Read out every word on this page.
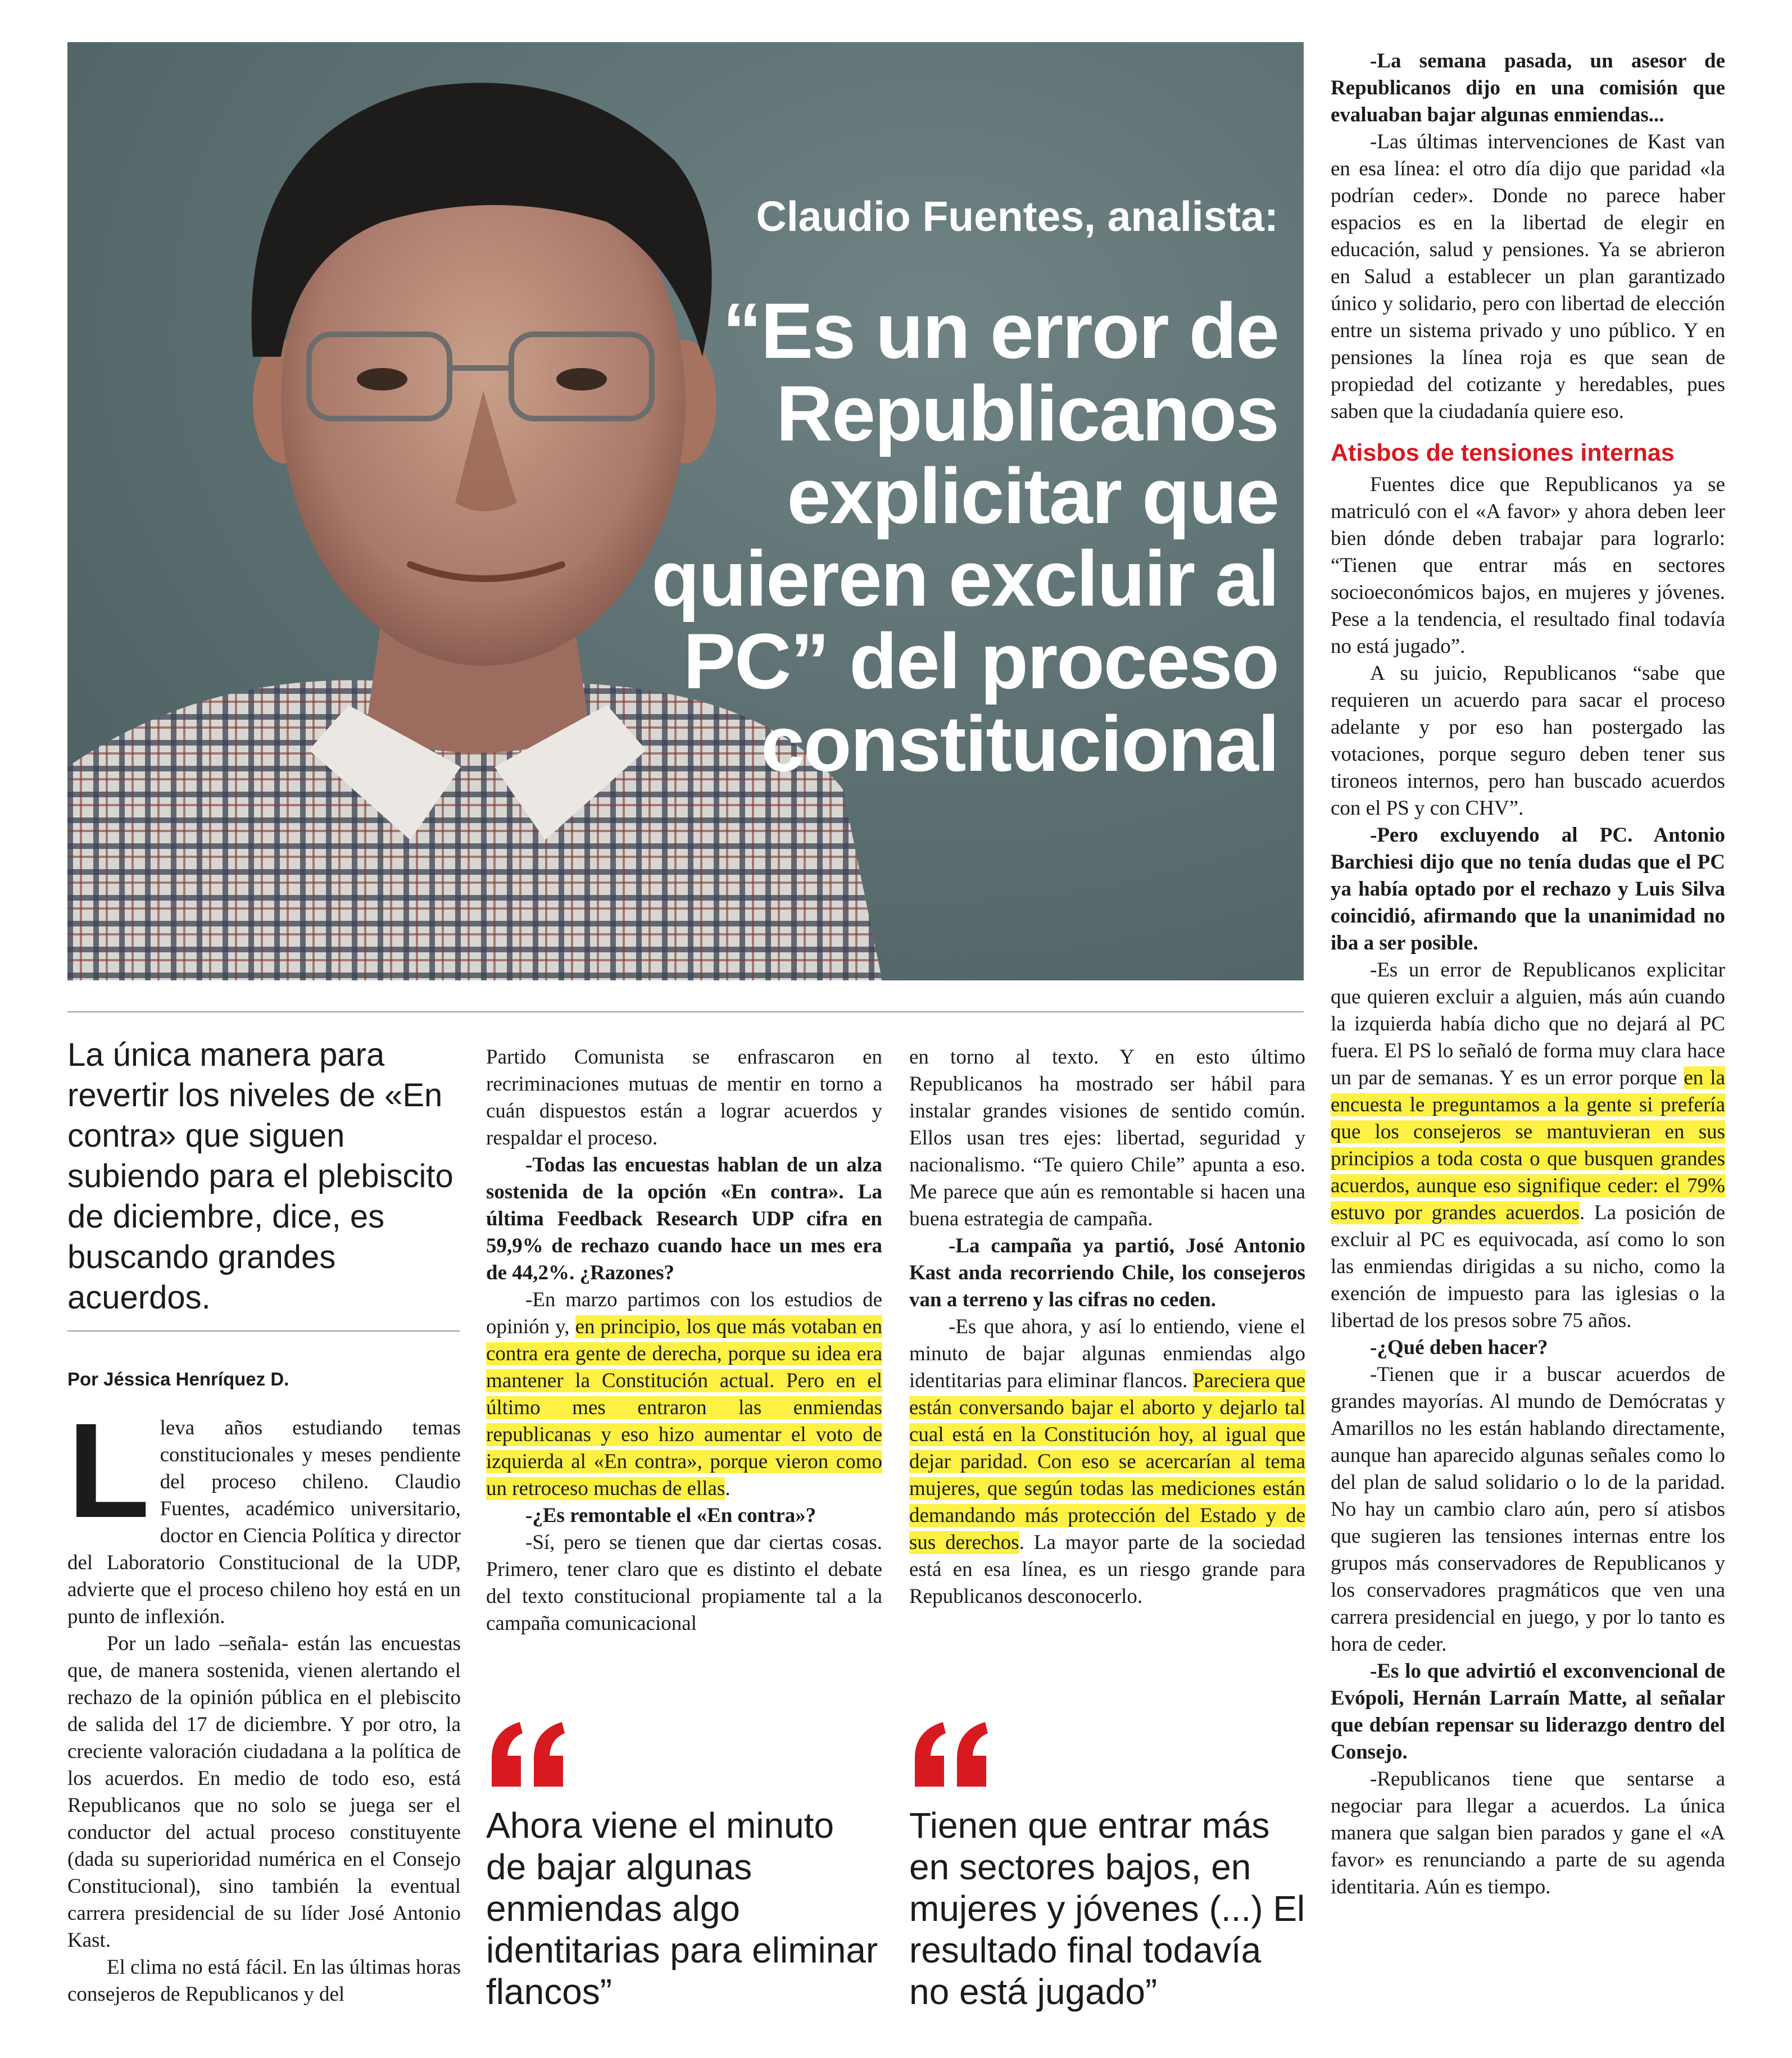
Claudio Fuentes, analista:
“Es un error de Republicanos explicitar que quieren excluir al PC” del proceso constitucional
La única manera para revertir los niveles de «En contra» que siguen subiendo para el plebiscito de diciembre, dice, es buscando grandes acuerdos.
Por Jéssica Henríquez D.

Lleva años estudiando temas constitucionales y meses pendiente del proceso chileno. Claudio Fuentes, académico universitario, doctor en Ciencia Política y director del Laboratorio Constitucional de la UDP, advierte que el proceso chileno hoy está en un punto de inflexión.

Por un lado –señala- están las encuestas que, de manera sostenida, vienen alertando el rechazo de la opinión pública en el plebiscito de salida del 17 de diciembre. Y por otro, la creciente valoración ciudadana a la política de los acuerdos. En medio de todo eso, está Republicanos que no solo se juega ser el conductor del actual proceso constituyente (dada su superioridad numérica en el Consejo Constitucional), sino también la eventual carrera presidencial de su líder José Antonio Kast.

El clima no está fácil. En las últimas horas consejeros de Republicanos y del

Partido Comunista se enfrascaron en recriminaciones mutuas de mentir en torno a cuán dispuestos están a lograr acuerdos y respaldar el proceso.

-Todas las encuestas hablan de un alza sostenida de la opción «En contra». La última Feedback Research UDP cifra en 59,9% de rechazo cuando hace un mes era de 44,2%. ¿Razones?

-En marzo partimos con los estudios de opinión y, en principio, los que más votaban en contra era gente de derecha, porque su idea era mantener la Constitución actual. Pero en el último mes entraron las enmiendas republicanas y eso hizo aumentar el voto de izquierda al «En contra», porque vieron como un retroceso muchas de ellas.

-¿Es remontable el «En contra»?

-Sí, pero se tienen que dar ciertas cosas. Primero, tener claro que es distinto el debate del texto constitucional propiamente tal a la campaña comunicacional

Ahora viene el minuto de bajar algunas enmiendas algo identitarias para eliminar flancos”

en torno al texto. Y en esto último Republicanos ha mostrado ser hábil para instalar grandes visiones de sentido común. Ellos usan tres ejes: libertad, seguridad y nacionalismo. “Te quiero Chile” apunta a eso. Me parece que aún es remontable si hacen una buena estrategia de campaña.

-La campaña ya partió, José Antonio Kast anda recorriendo Chile, los consejeros van a terreno y las cifras no ceden.

-Es que ahora, y así lo entiendo, viene el minuto de bajar algunas enmiendas algo identitarias para eliminar flancos. Pareciera que están conversando bajar el aborto y dejarlo tal cual está en la Constitución hoy, al igual que dejar paridad. Con eso se acercarían al tema mujeres, que según todas las mediciones están demandando más protección del Estado y de sus derechos. La mayor parte de la sociedad está en esa línea, es un riesgo grande para Republicanos desconocerlo.

Tienen que entrar más en sectores bajos, en mujeres y jóvenes (...) El resultado final todavía no está jugado”

-La semana pasada, un asesor de Republicanos dijo en una comisión que evaluaban bajar algunas enmiendas...

-Las últimas intervenciones de Kast van en esa línea: el otro día dijo que paridad «la podrían ceder». Donde no parece haber espacios es en la libertad de elegir en educación, salud y pensiones. Ya se abrieron en Salud a establecer un plan garantizado único y solidario, pero con libertad de elección entre un sistema privado y uno público. Y en pensiones la línea roja es que sean de propiedad del cotizante y heredables, pues saben que la ciudadanía quiere eso.

Atisbos de tensiones internas

Fuentes dice que Republicanos ya se matriculó con el «A favor» y ahora deben leer bien dónde deben trabajar para lograrlo: “Tienen que entrar más en sectores socioeconómicos bajos, en mujeres y jóvenes. Pese a la tendencia, el resultado final todavía no está jugado”.

A su juicio, Republicanos “sabe que requieren un acuerdo para sacar el proceso adelante y por eso han postergado las votaciones, porque seguro deben tener sus tironeos internos, pero han buscado acuerdos con el PS y con CHV”.

-Pero excluyendo al PC. Antonio Barchiesi dijo que no tenía dudas que el PC ya había optado por el rechazo y Luis Silva coincidió, afirmando que la unanimidad no iba a ser posible.

-Es un error de Republicanos explicitar que quieren excluir a alguien, más aún cuando la izquierda había dicho que no dejará al PC fuera. El PS lo señaló de forma muy clara hace un par de semanas. Y es un error porque en la encuesta le preguntamos a la gente si prefería que los consejeros se mantuvieran en sus principios a toda costa o que busquen grandes acuerdos, aunque eso signifique ceder: el 79% estuvo por grandes acuerdos. La posición de excluir al PC es equivocada, así como lo son las enmiendas dirigidas a su nicho, como la exención de impuesto para las iglesias o la libertad de los presos sobre 75 años.

-¿Qué deben hacer?

-Tienen que ir a buscar acuerdos de grandes mayorías. Al mundo de Demócratas y Amarillos no les están hablando directamente, aunque han aparecido algunas señales como lo del plan de salud solidario o lo de la paridad. No hay un cambio claro aún, pero sí atisbos que sugieren las tensiones internas entre los grupos más conservadores de Republicanos y los conservadores pragmáticos que ven una carrera presidencial en juego, y por lo tanto es hora de ceder.

-Es lo que advirtió el exconvencional de Evópoli, Hernán Larraín Matte, al señalar que debían repensar su liderazgo dentro del Consejo.

-Republicanos tiene que sentarse a negociar para llegar a acuerdos. La única manera que salgan bien parados y gane el «A favor» es renunciando a parte de su agenda identitaria. Aún es tiempo.
